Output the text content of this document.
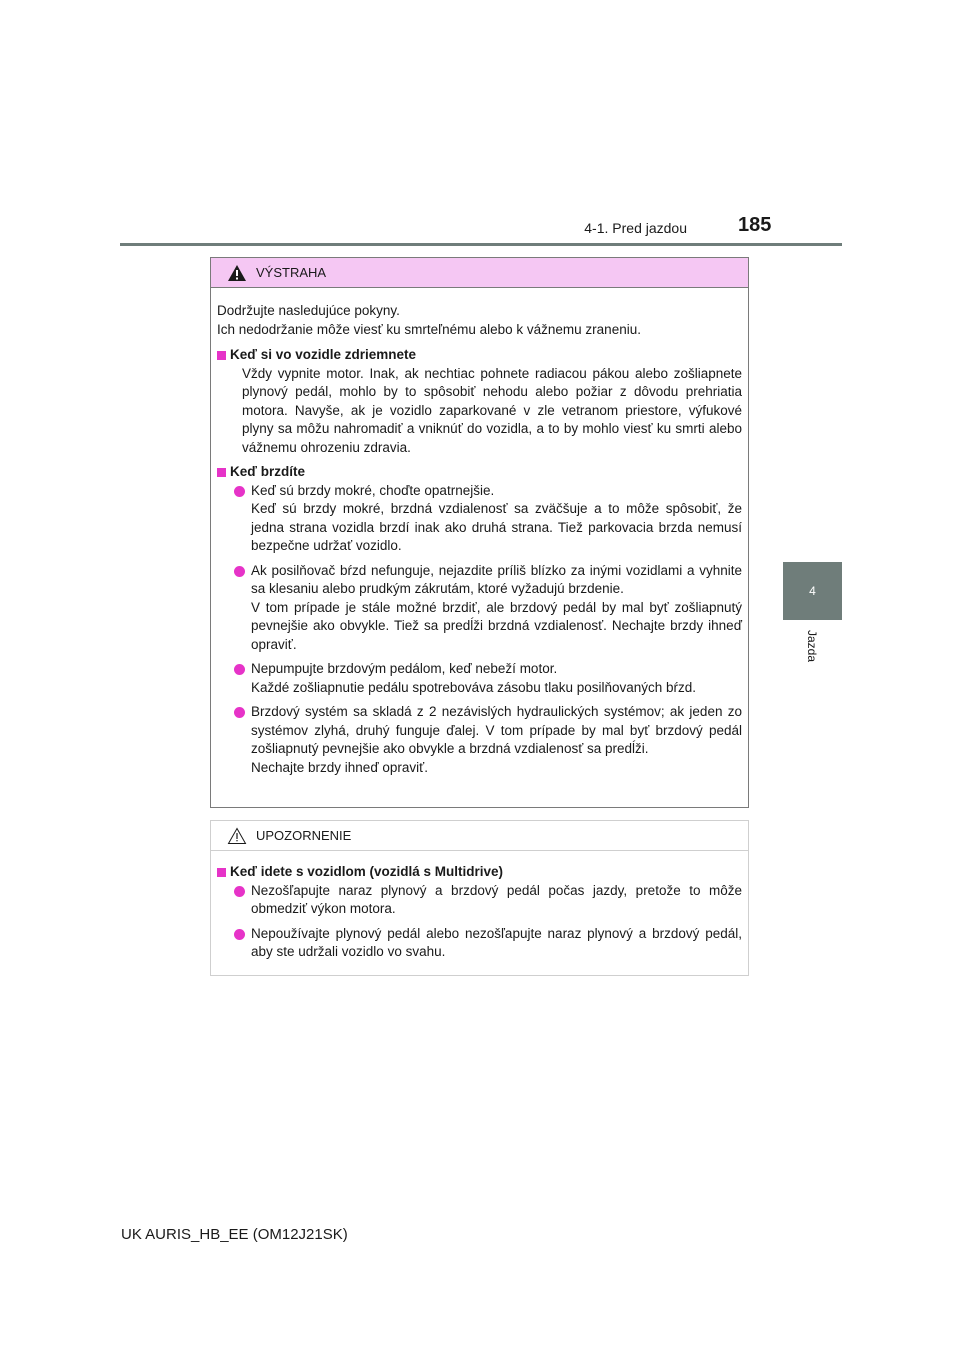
4-1. Pred jazdou	185
4
Jazda
VÝSTRAHA

Dodržujte nasledujúce pokyny.

Ich nedodržanie môže viesť ku smrteľnému alebo k vážnemu zraneniu.

Keď si vo vozidle zdriemnete

Vždy vypnite motor. Inak, ak nechtiac pohnete radiacou pákou alebo zošliapnete plynový pedál, mohlo by to spôsobiť nehodu alebo požiar z dôvodu prehriatia motora. Navyše, ak je vozidlo zaparkované v zle vetranom priestore, výfukové plyny sa môžu nahromadiť a vniknúť do vozidla, a to by mohlo viesť ku smrti alebo vážnemu ohrozeniu zdravia.

Keď brzdíte
Keď sú brzdy mokré, choďte opatrnejšie.
Keď sú brzdy mokré, brzdná vzdialenosť sa zväčšuje a to môže spôsobiť, že jedna strana vozidla brzdí inak ako druhá strana. Tiež parkovacia brzda nemusí bezpečne udržať vozidlo.
Ak posilňovač bŕzd nefunguje, nejazdite príliš blízko za inými vozidlami a vyhnite sa klesaniu alebo prudkým zákrutám, ktoré vyžadujú brzdenie.
V tom prípade je stále možné brzdiť, ale brzdový pedál by mal byť zošliapnutý pevnejšie ako obvykle. Tiež sa predĺži brzdná vzdialenosť. Nechajte brzdy ihneď opraviť.
Nepumpujte brzdovým pedálom, keď nebeží motor.
Každé zošliapnutie pedálu spotrebováva zásobu tlaku posilňovaných bŕzd.
Brzdový systém sa skladá z 2 nezávislých hydraulických systémov; ak jeden zo systémov zlyhá, druhý funguje ďalej. V tom prípade by mal byť brzdový pedál zošliapnutý pevnejšie ako obvykle a brzdná vzdialenosť sa predĺži.
Nechajte brzdy ihneď opraviť.
UPOZORNENIE
Keď idete s vozidlom (vozidlá s Multidrive)
Nezošľapujte naraz plynový a brzdový pedál počas jazdy, pretože to môže obmedziť výkon motora.
Nepoužívajte plynový pedál alebo nezošľapujte naraz plynový a brzdový pedál, aby ste udržali vozidlo vo svahu.
UK AURIS_HB_EE (OM12J21SK)
